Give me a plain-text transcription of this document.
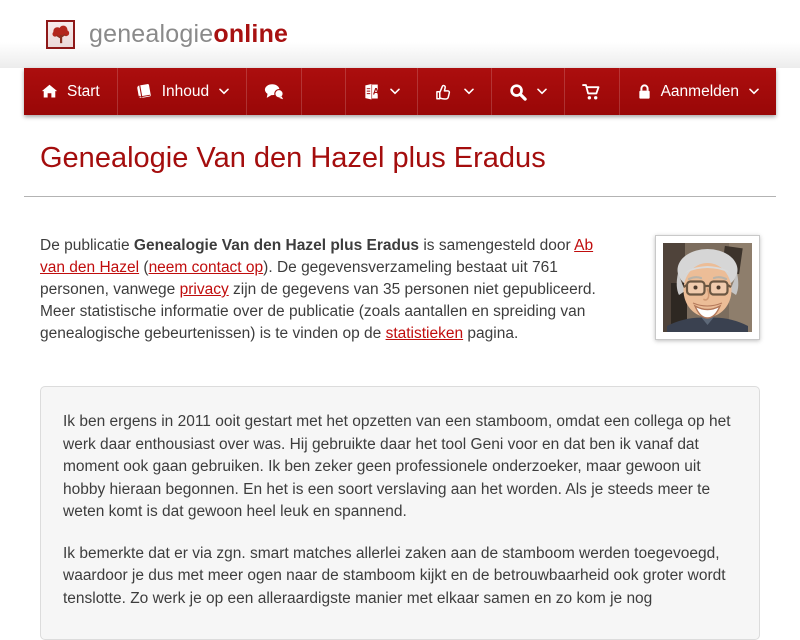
genealogieonline
Start	Inhoud	A	Aanmelden
Genealogie Van den Hazel plus Eradus

De publicatie Genealogie Van den Hazel plus Eradus is samengesteld door Ab van den Hazel (neem contact op). De gegevensverzameling bestaat uit 761 personen, vanwege privacy zijn de gegevens van 35 personen niet gepubliceerd. Meer statistische informatie over de publicatie (zoals aantallen en spreiding van genealogische gebeurtenissen) is te vinden op de statistieken pagina.

Ik ben ergens in 2011 ooit gestart met het opzetten van een stamboom, omdat een collega op het werk daar enthousiast over was. Hij gebruikte daar het tool Geni voor en dat ben ik vanaf dat moment ook gaan gebruiken. Ik ben zeker geen professionele onderzoeker, maar gewoon uit hobby hieraan begonnen. En het is een soort verslaving aan het worden. Als je steeds meer te weten komt is dat gewoon heel leuk en spannend.

Ik bemerkte dat er via zgn. smart matches allerlei zaken aan de stamboom werden toegevoegd, waardoor je dus met meer ogen naar de stamboom kijkt en de betrouwbaarheid ook groter wordt tenslotte. Zo werk je op een alleraardigste manier met elkaar samen en zo kom je nog
